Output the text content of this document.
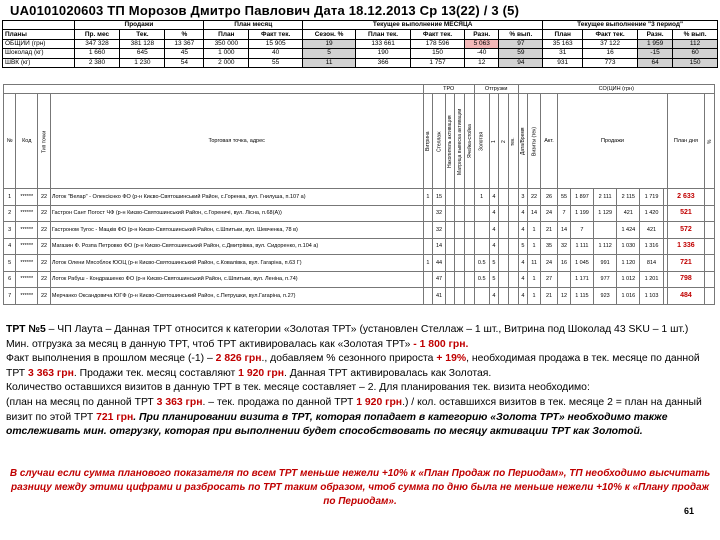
UA0101020603 ТП Морозов Дмитро Павлович Дата 18.12.2013 Ср 13(22) / 3 (5)
	Продажи			План месяц		Текущее выполнение МЕСЯЦА					Текущее выполнение "3 период"			
Планы	Пр. мес	Тек.	%	План	Факт тек.	Сезон. %	План тек.	Факт тек.	Разн.	% вып.	План	Факт тек.	Разн.	% вып.
ОБЩИЙ (грн)	347 328	381 128	13 367	350 000	15 905	19	133 661	178 596	5 063	97	35 163	37 122	1 959	112
Шоколад (кг)	1 660	645	45	1 000	40	5	190	150	-40	59	31	16	-15	60
ШВК (кг)	2 380	1 230	54	2 000	55	11	366	1 757	12	94	931	773	64	150
				ТРО					Отгрузки				СО(ЦИН (грн)										
№	Код	Тип точки	Торговая точка, адрес	Витрина	Стеллаж	Накопитель активация	Матрица вывеска активации	Ячейка-стойка	Золотая	1	2	тек.	Дата/Время	Визиты (тек)	Акт.	Продажи						План дня	%
1	******	22	Лоток "Велар" - Олексієнко ФО (р-н Києво-Святошинський Район, с.Горенка, вул. Гнилуша, п.107 а)	1	15				1	4			3	22	26	55	1 897	2 111	2 115	1 719		2 633	
2	******	22	Гастрон Сант Погост ЧФ (р-н Києво-Святошинський Район, с.Гореничі, вул. Лісна, п.68(A))		32					4			4	14	24	7	1 199	1 129	421	1 420		521	
3	******	22	Гастроном Тугос - Мацків ФО (р-н Києво-Святошинський Район, с.Шпитьки, вул. Шевченка, 78 в)		32					4			4	1	21	14	7		1 424	421		572	
4	******	22	Магазин Ф. Розпа Петровко ФО (р-н Києво-Святошинський Район, с.Дмитрівка, вул. Сидоренко, п.104 а)		14					4			5	1	35	32	1 111	1 112	1 030	1 316		1 336	
5	******	22	Лоток Олени Мясоблок ЮОЦ (р-н Києво-Святошинський Район, с.Ковалівка, вул. Гагаріна, п.63 Г)	1	44				0.5	5			4	11	24	16	1 045	991	1 120	814		721	
6	******	22	Лоток Рабуш - Кондрашенко ФО (р-н Києво-Святошинський Район, с.Шпитьки, вул. Леніна, п.74)		47				0.5	5			4	1	27		1 171	977	1 012	1 201		798	
7	******	22	Мерчанко Оксандовича ЮГФ (р-н Києво-Святошинський Район, с.Петрушки, вул.Гагаріна, п.27)		41					4			4	1	21	12	1 115	923	1 016	1 103		484	
ТРТ №5 – ЧП Лаута – Данная ТРТ относится к категории «Золотая ТРТ» (установлен Стеллаж – 1 шт., Витрина под Шоколад 43 SKU – 1 шт.) Мин. отгрузка за месяц в данную ТРТ, чтоб ТРТ активировалась как «Золотая ТРТ» - 1 800 грн.
Факт выполнения в прошлом месяце (-1) – 2 826 грн., добавляем % сезонного прироста + 19%, необходимая продажа в тек. месяце по данной ТРТ 3 363 грн. Продажи тек. месяц составляют 1 920 грн. Данная ТРТ активировалась как Золотая.
Количество оставшихся визитов в данную ТРТ в тек. месяце составляет – 2. Для планирования тек. визита необходимо:
(план на месяц по данной ТРТ 3 363 грн. – тек. продажа по данной ТРТ 1 920 грн.) / кол. оставшихся визитов в тек. месяце 2 = план на данный визит по этой ТРТ 721 грн. При планировании визита в ТРТ, которая попадает в категорию «Золота ТРТ» необходимо также отслеживать мин. отгрузку, которая при выполнении будет способствовать по месяцу активации ТРТ как Золотой.
В случаи если сумма планового показателя по всем ТРТ меньше нежели +10% к «План Продаж по Периодам», ТП необходимо высчитать разницу между этими цифрами и разбросать по ТРТ таким образом, чтоб сумма по дню была не меньше нежели +10% к «Плану продаж по Периодам».
61
